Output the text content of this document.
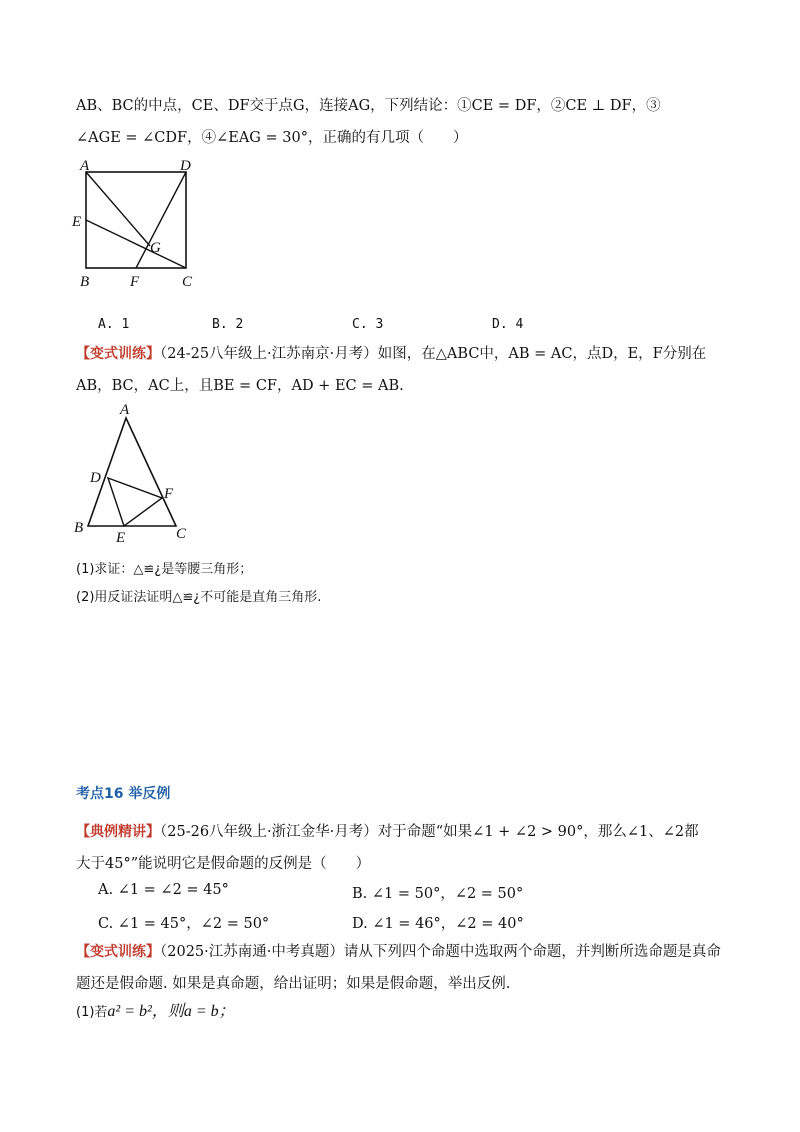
AB、BC的中点，CE、DF交于点G，连接AG，下列结论：①CE = DF，②CE ⊥ DF，③
∠AGE = ∠CDF，④∠EAG = 30°，正确的有几项（　　）
A	D
E
G
B	F	C
A. 1	B. 2	C. 3	D. 4
【变式训练】（24-25八年级上·江苏南京·月考）如图，在△ABC中，AB = AC，点D，E，F分别在
AB，BC，AC上，且BE = CF，AD + EC = AB.
A
D
F
B
E	C
(1)求证：△≌¿是等腰三角形；
(2)用反证法证明△≌¿不可能是直角三角形.
考点16 举反例
【典例精讲】（25-26八年级上·浙江金华·月考）对于命题“如果∠1 + ∠2 > 90°，那么∠1、∠2都
大于45°”能说明它是假命题的反例是（　　）
A. ∠1 = ∠2 = 45°	B. ∠1 = 50°，∠2 = 50°
C. ∠1 = 45°，∠2 = 50°	D. ∠1 = 46°，∠2 = 40°
【变式训练】（2025·江苏南通·中考真题）请从下列四个命题中选取两个命题，并判断所选命题是真命
题还是假命题. 如果是真命题，给出证明；如果是假命题，举出反例.
(1)若a² = b²，则a = b；
